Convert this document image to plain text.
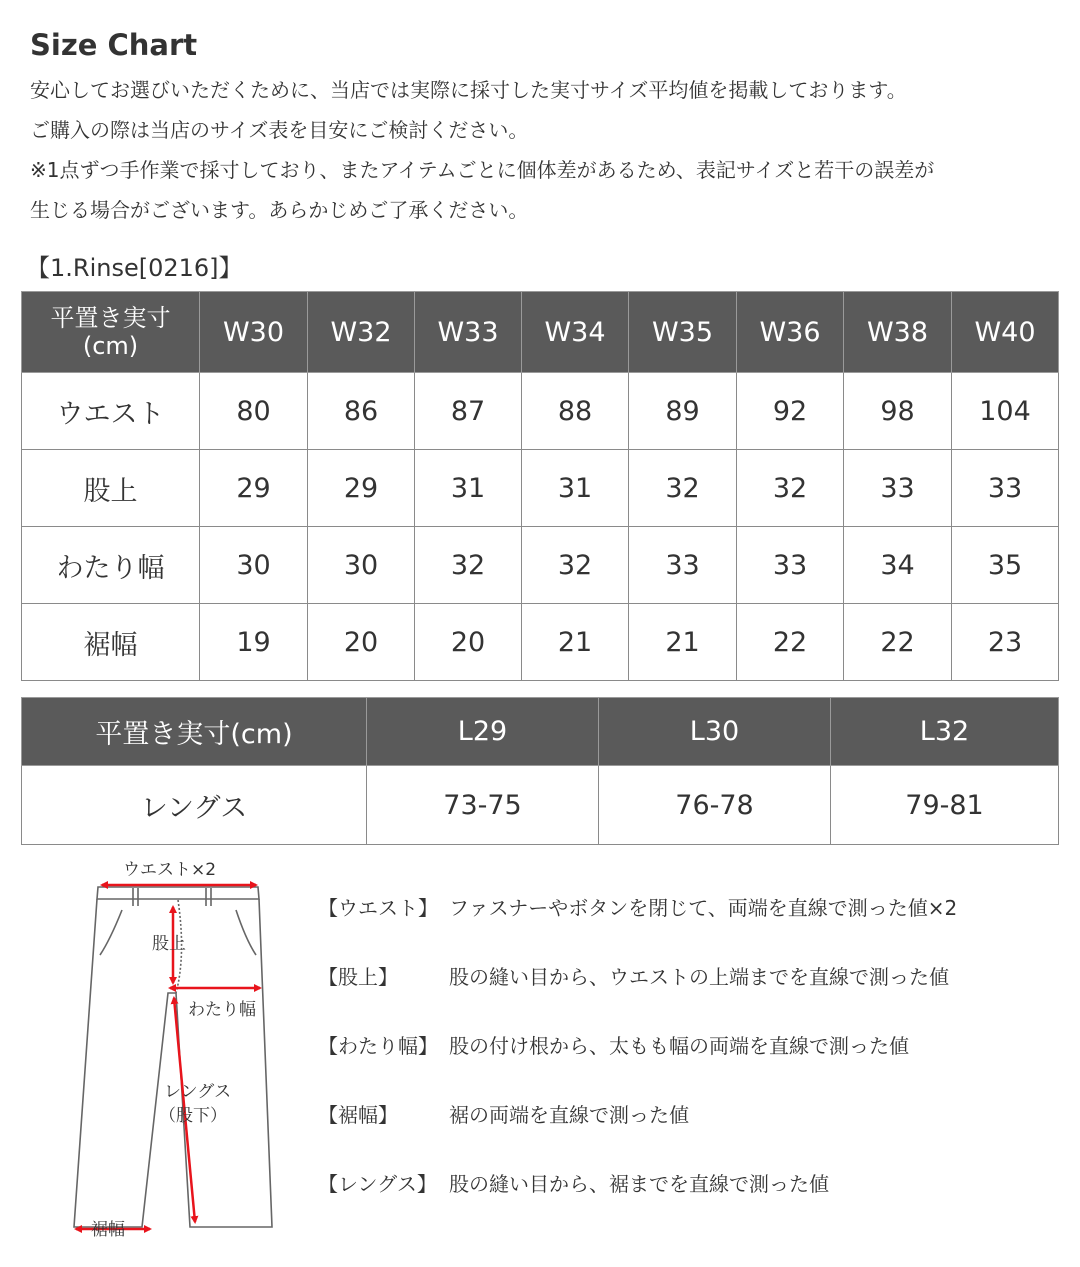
Size Chart
安心してお選びいただくために、当店では実際に採寸した実寸サイズ平均値を掲載しております。
ご購入の際は当店のサイズ表を目安にご検討ください。
※1点ずつ手作業で採寸しており、またアイテムごとに個体差があるため、表記サイズと若干の誤差が
生じる場合がございます。あらかじめご了承ください。
【1.Rinse[0216]】
平置き実寸
(cm)	W30	W32	W33	W34	W35	W36	W38	W40
ウエスト	80	86	87	88	89	92	98	104
股上	29	29	31	31	32	32	33	33
わたり幅	30	30	32	32	33	33	34	35
裾幅	19	20	20	21	21	22	22	23
平置き実寸(cm)	L29	L30	L32
レングス	73-75	76-78	79-81
ウエスト×2
股上
わたり幅
レングス
（股下）
裾幅
【ウエスト】 ファスナーやボタンを閉じて、両端を直線で測った値×2
【股上】	股の縫い目から、ウエストの上端までを直線で測った値
【わたり幅】 股の付け根から、太もも幅の両端を直線で測った値
【裾幅】	裾の両端を直線で測った値
【レングス】 股の縫い目から、裾までを直線で測った値
